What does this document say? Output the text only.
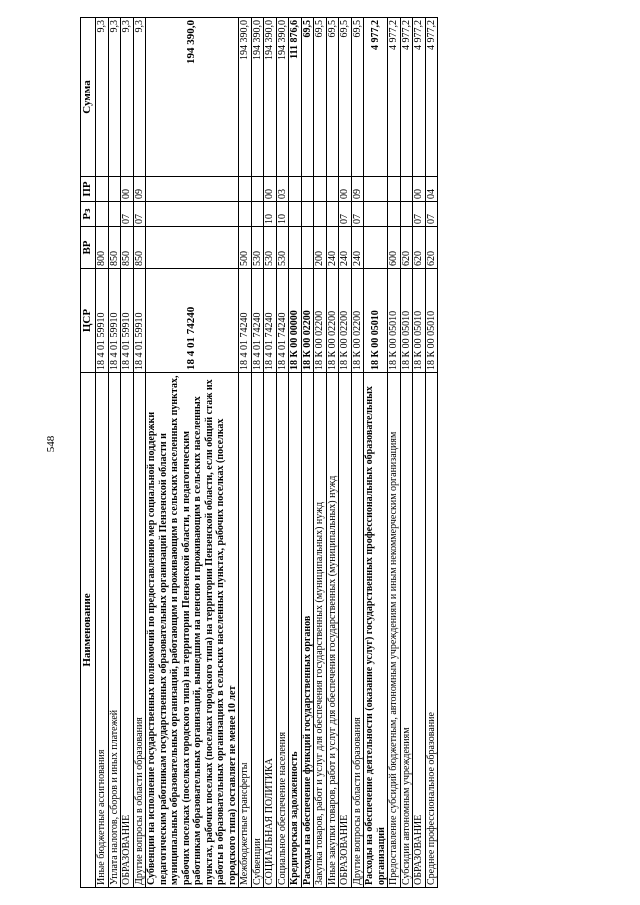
548
Наименование	ЦСР	ВР	Рз	ПР	Сумма
Иные бюджетные ассигнования	18 4 01 59910	800			9,3
Уплата налогов, сборов и иных платежей	18 4 01 59910	850			9,3
ОБРАЗОВАНИЕ	18 4 01 59910	850	07	00	9,3
Другие вопросы в области образования	18 4 01 59910	850	07	09	9,3
Субвенции на исполнение государственных полномочий по предоставлению мер социальной поддержки педагогическим работникам государственных образовательных организаций Пензенской области и муниципальных образовательных организаций, работающим и проживающим в сельских населенных пунктах, рабочих поселках (поселках городского типа) на территории Пензенской области, и педагогическим работникам образовательных организаций, вышедшим на пенсию и проживающим в сельских населенных пунктах, рабочих поселках (поселках городского типа) на территории Пензенской области, если общий стаж их работы в образовательных организациях в сельских населенных пунктах, рабочих поселках (поселках городского типа) составляет не менее 10 лет	18 4 01 74240				194 390,0
Межбюджетные трансферты	18 4 01 74240	500			194 390,0
Субвенции	18 4 01 74240	530			194 390,0
СОЦИАЛЬНАЯ ПОЛИТИКА	18 4 01 74240	530	10	00	194 390,0
Социальное обеспечение населения	18 4 01 74240	530	10	03	194 390,0
Кредиторская задолженность	18 К 00 00000				111 876,6
Расходы на обеспечение функций государственных органов	18 К 00 02200				69,5
Закупка товаров, работ и услуг для обеспечения государственных (муниципальных) нужд	18 К 00 02200	200			69,5
Иные закупки товаров, работ и услуг для обеспечения государственных (муниципальных) нужд	18 К 00 02200	240			69,5
ОБРАЗОВАНИЕ	18 К 00 02200	240	07	00	69,5
Другие вопросы в области образования	18 К 00 02200	240	07	09	69,5
Расходы на обеспечение деятельности (оказание услуг) государственных профессиональных образовательных организаций	18 К 00 05010				4 977,2
Предоставление субсидий бюджетным, автономным учреждениям и иным некоммерческим организациям	18 К 00 05010	600			4 977,2
Субсидии автономным учреждениям	18 К 00 05010	620			4 977,2
ОБРАЗОВАНИЕ	18 К 00 05010	620	07	00	4 977,2
Среднее профессиональное образование	18 К 00 05010	620	07	04	4 977,2
